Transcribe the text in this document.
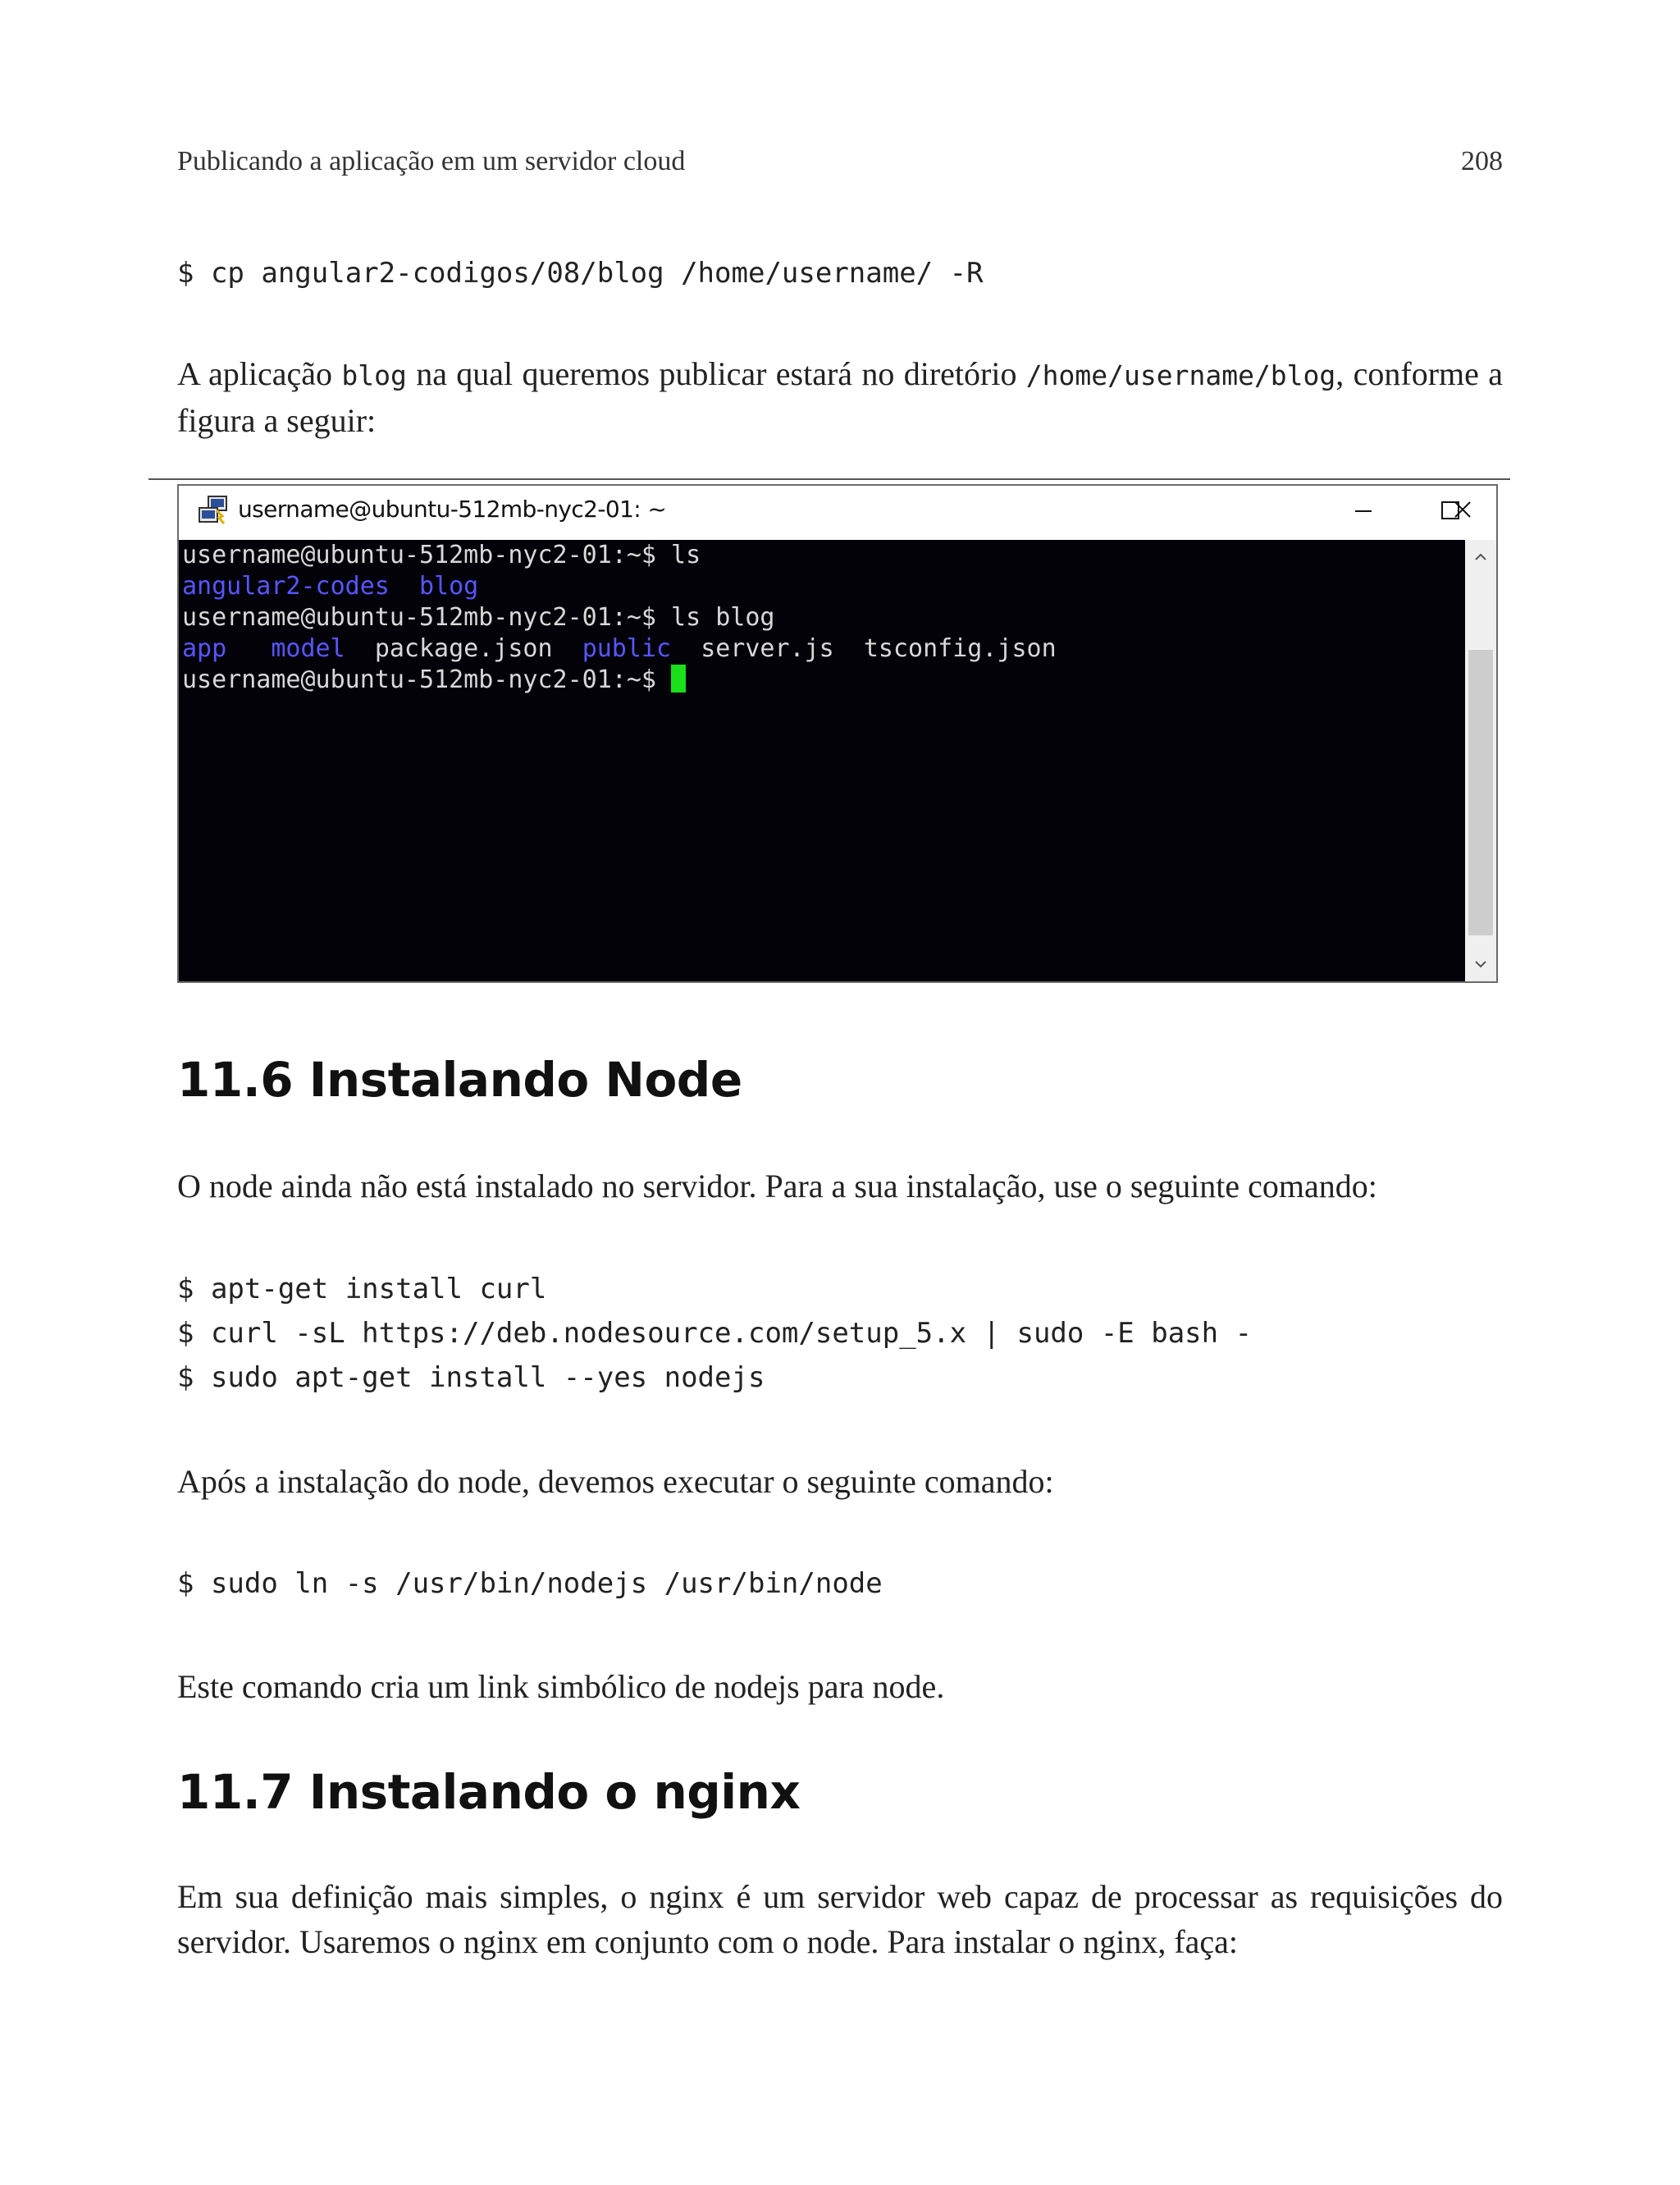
Publicando a aplicação em um servidor cloud	208
$ cp angular2-codigos/08/blog /home/username/ -R

A aplicação blog na qual queremos publicar estará no diretório /home/username/blog, conforme a figura a seguir:

username@ubuntu-512mb-nyc2-01: ~
username@ubuntu-512mb-nyc2-01:~$ ls
angular2-codes blog
username@ubuntu-512mb-nyc2-01:~$ ls blog
app model package.json public server.js tsconfig.json
username@ubuntu-512mb-nyc2-01:~$
11.6 Instalando Node

O node ainda não está instalado no servidor. Para a sua instalação, use o seguinte comando:

$ apt-get install curl
$ curl -sL https://deb.nodesource.com/setup_5.x | sudo -E bash -
$ sudo apt-get install --yes nodejs

Após a instalação do node, devemos executar o seguinte comando:

$ sudo ln -s /usr/bin/nodejs /usr/bin/node

Este comando cria um link simbólico de nodejs para node.

11.7 Instalando o nginx

Em sua definição mais simples, o nginx é um servidor web capaz de processar as requisições do servidor. Usaremos o nginx em conjunto com o node. Para instalar o nginx, faça:
